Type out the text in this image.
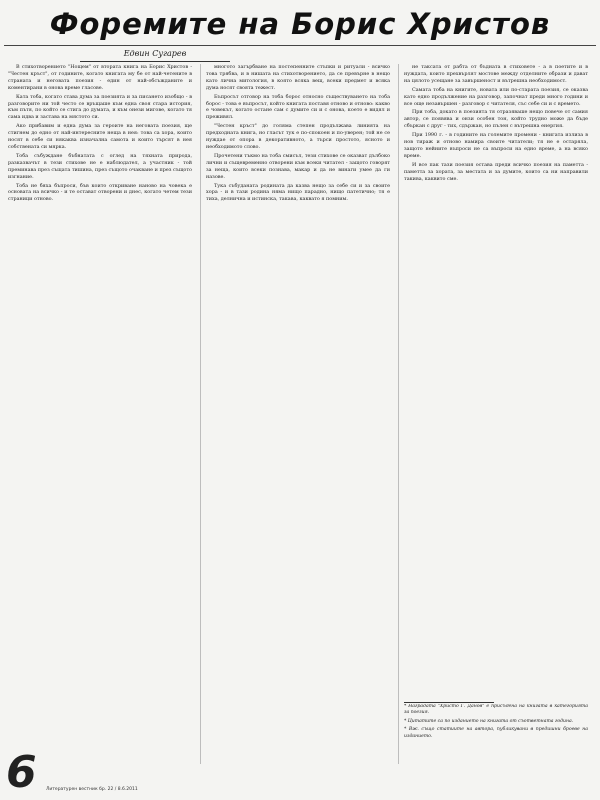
Форемите на Борис Христов
Едвин Сугарев

В стихотворението "Нощем" от втората книга на Борис Христов - "Честен кръст", от годините, когато книгата му бе от най-четените в страната и неговата поезия - един от най-обсъжданите и коментирани в онова време гласове.

Ката тоба, когато става дума за поезията и за писането изобщо - в разговорите ни той често се връщаше към една своя стара история, към пътя, по който се стига до думата, и към онези мигове, когато тя сама идва и застава на мястото си.

Ако прибавим и една дума за героите на неговата поезия, ще стигнем до едно от най-интересните неща в нея: това са хора, които носят в себе си някаква изначална самота и които търсят в нея собствената си мярка.

Тоба събуждане бъбнатата с оглед на тяхната природа, разказвачът в тези стихове не е наблюдател, а участник - той преминава през същата тишина, през същото очакване и през същото изгнание.

Тоба не бяха бъпроси, бъв които откриване наново на човека е основата на всичко - и те остават отворени и днес, когато четем тези страници отново.

многото загърбване на постепенните стъпки и ритуали - всичко това трябва, и в нишата на стихотворението, да се превърне в нещо като лична митология, в която всяка вещ, всеки предмет и всяка дума носят своята тежест.

Бъпросът отговор на тоба борос относно съществуването на тоба борос - това е въпросът, който книгата поставя отново и отново: какво е човекът, когато остане сам с думите си и с онова, което е видял и преживял.

"Честен кръст" до голяма степен продължава линията на предходната книга, но гласът тук е по-спокоен и по-уверен; той не се нуждае от опора в декоративното, а търси простото, ясното и необходимото слово.

Прочетени тъкмо на тоба смисъл, тези стихове се оказват дълбоко лични и същевременно отворени към всеки читател - защото говорят за неща, които всеки познава, макар и да не винаги умее да ги назове.

Тука събуданата родината да казва нещо за себе си и за своите хора - и в тази родина няма нищо парадно, нищо патетично; тя е тиха, делнична и истинска, такава, каквато я помним.

не таксата от рабта от бъдната в стиховете - а в поетите и в нуждата, които прехвърлят мостове между отделните образи и дават на цялото усещане за завършеност и вътрешна необходимост.

Самата тоба на книгите, новата или по-старата поезия, се оказва като едно продължение на разговор, започнат преди много години и все още незавършен - разговор с читателя, със себе си и с времето.

При тоба, докато в поезията тя отразяваше нещо повече от самия автор, се появява и онзи особен тон, който трудно може да бъде сбъркан с друг - тих, сдържан, но пълен с вътрешна енергия.

При 1990 г. - в годините на големите промени - книгата излиза в нов тираж и отново намира своите читатели; тя не е остаряла, защото нейните въпроси не са въпроси на едно време, а на всяко време.

И все пак тази поезия остава преди всичко поезия на паметта - паметта за хората, за местата и за думите, които са ни направили такива, каквито сме.

* Наградата "Христо Г. Данов" е присъдена на книгата в категорията за поезия.

* Цитатите са по изданието на книгата от съответната година.

* Вж. също статиите на автора, публикувани в предишни броеве на изданието.

6	Литературен вестник бр. 22 / 8.6.2011
